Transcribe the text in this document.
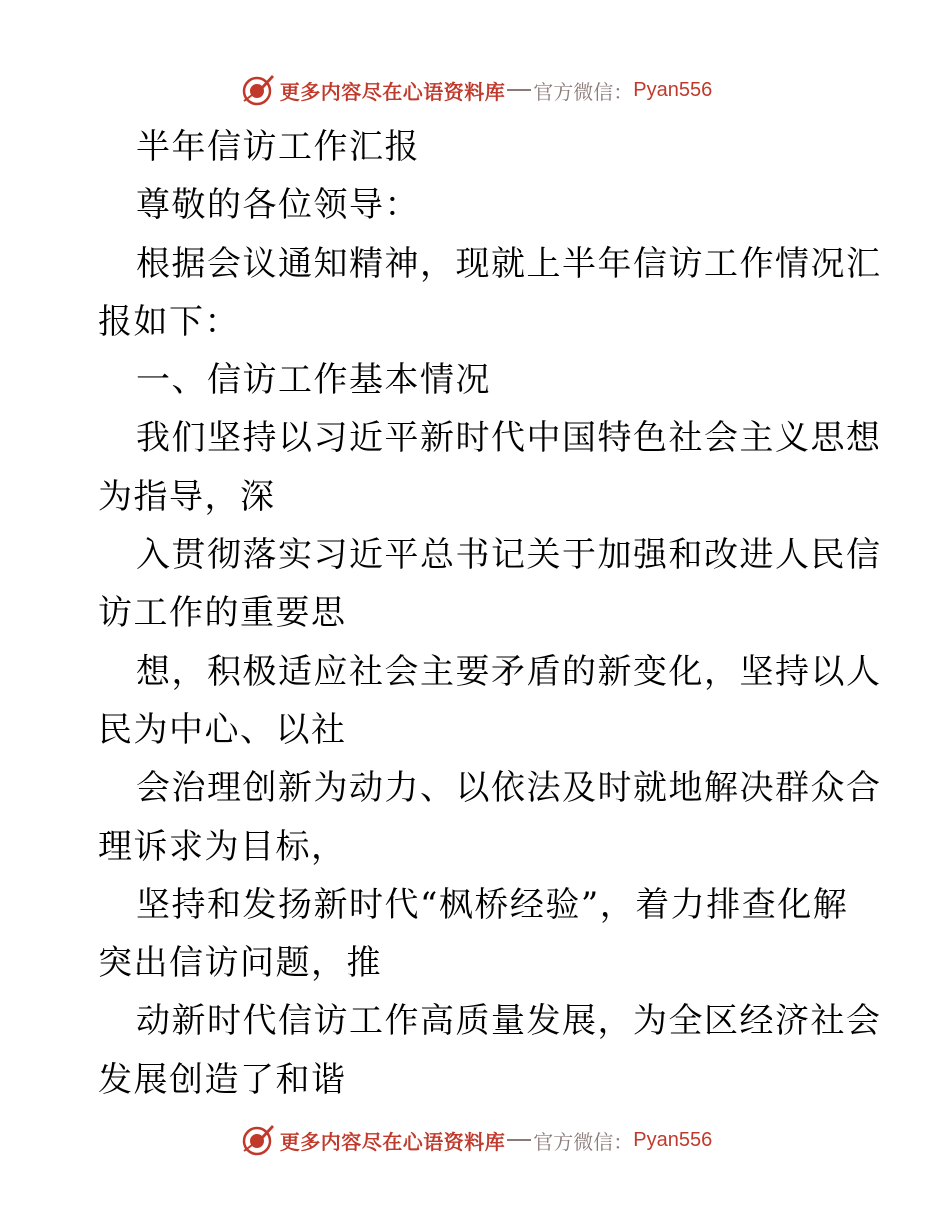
更多内容尽在心语资料库 官方微信： Pyan556
半年信访工作汇报
尊敬的各位领导：
根据会议通知精神，现就上半年信访工作情况汇
报如下：
一、信访工作基本情况
我们坚持以习近平新时代中国特色社会主义思想
为指导，深
入贯彻落实习近平总书记关于加强和改进人民信
访工作的重要思
想，积极适应社会主要矛盾的新变化，坚持以人
民为中心、以社
会治理创新为动力、以依法及时就地解决群众合
理诉求为目标，
坚持和发扬新时代“枫桥经验”，着力排查化解
突出信访问题，推
动新时代信访工作高质量发展，为全区经济社会
发展创造了和谐
更多内容尽在心语资料库 官方微信： Pyan556
